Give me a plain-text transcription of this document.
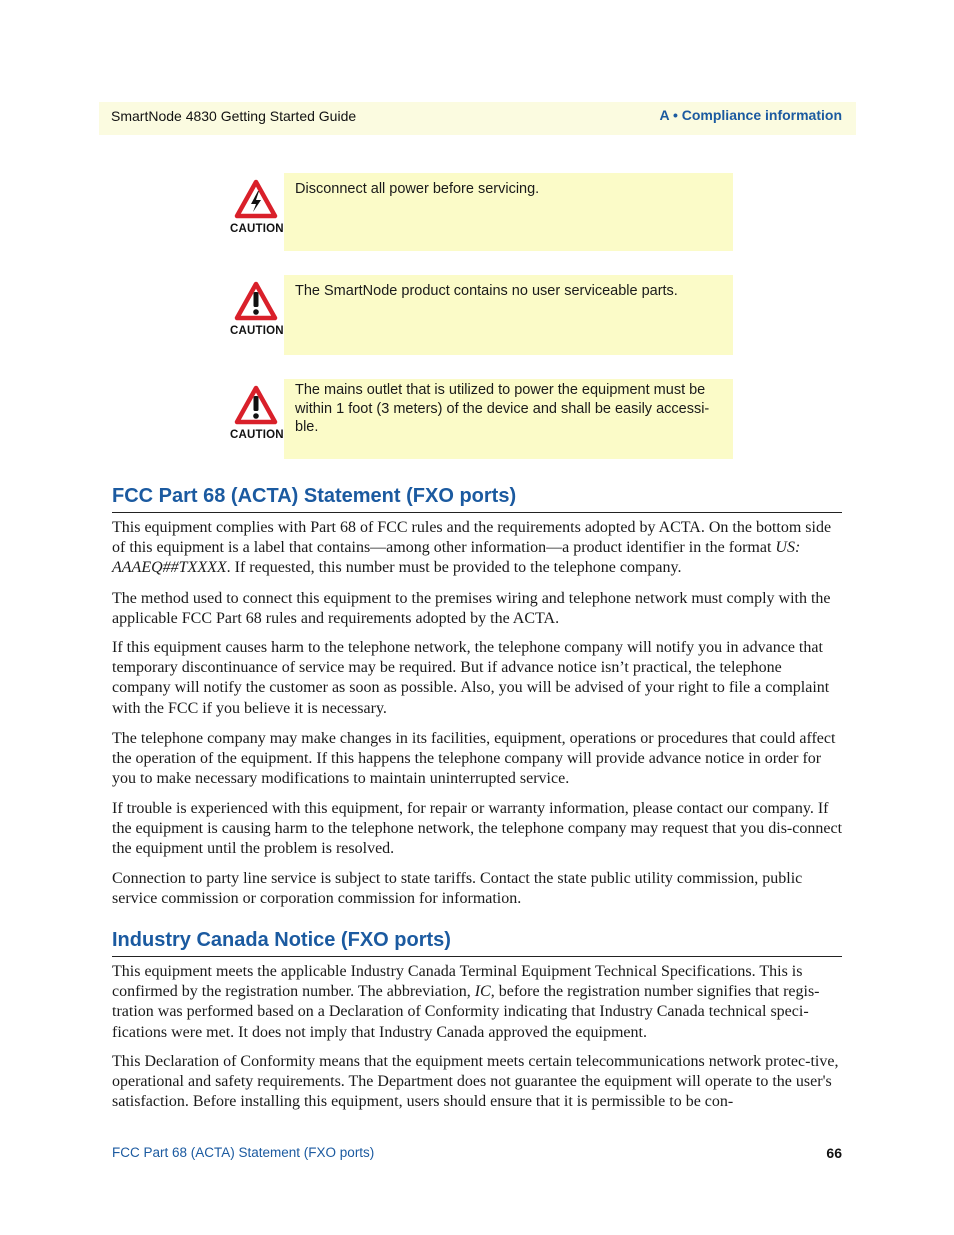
SmartNode 4830 Getting Started Guide	A • Compliance information
CAUTION
Disconnect all power before servicing.
CAUTION
The SmartNode product contains no user serviceable parts.
CAUTION
The mains outlet that is utilized to power the equipment must be within 1 foot (3 meters) of the device and shall be easily accessi-ble.
FCC Part 68 (ACTA) Statement (FXO ports)

This equipment complies with Part 68 of FCC rules and the requirements adopted by ACTA. On the bottom side of this equipment is a label that contains—among other information—a product identifier in the format US: AAAEQ##TXXXX. If requested, this number must be provided to the telephone company.

The method used to connect this equipment to the premises wiring and telephone network must comply with the applicable FCC Part 68 rules and requirements adopted by the ACTA.

If this equipment causes harm to the telephone network, the telephone company will notify you in advance that temporary discontinuance of service may be required. But if advance notice isn’t practical, the telephone company will notify the customer as soon as possible. Also, you will be advised of your right to file a complaint with the FCC if you believe it is necessary.

The telephone company may make changes in its facilities, equipment, operations or procedures that could affect the operation of the equipment. If this happens the telephone company will provide advance notice in order for you to make necessary modifications to maintain uninterrupted service.

If trouble is experienced with this equipment, for repair or warranty information, please contact our company. If the equipment is causing harm to the telephone network, the telephone company may request that you dis-connect the equipment until the problem is resolved.

Connection to party line service is subject to state tariffs. Contact the state public utility commission, public service commission or corporation commission for information.

Industry Canada Notice (FXO ports)

This equipment meets the applicable Industry Canada Terminal Equipment Technical Specifications. This is confirmed by the registration number. The abbreviation, IC, before the registration number signifies that regis-tration was performed based on a Declaration of Conformity indicating that Industry Canada technical speci-fications were met. It does not imply that Industry Canada approved the equipment.

This Declaration of Conformity means that the equipment meets certain telecommunications network protec-tive, operational and safety requirements. The Department does not guarantee the equipment will operate to the user's satisfaction. Before installing this equipment, users should ensure that it is permissible to be con-

FCC Part 68 (ACTA) Statement (FXO ports)	66
